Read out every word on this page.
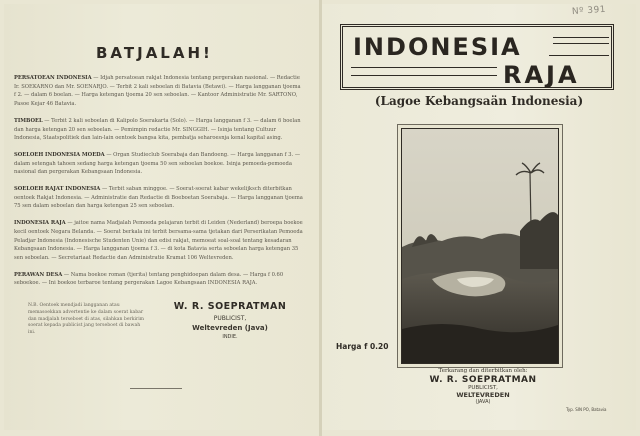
Nº 391
BATJALAH!
PERSATOEAN INDONESIA — Idjah persatoean rakjat Indonesia tentang pergerakan nasional. — Redactie Ir. SOEKARNO dan Mr. SOENARJO. — Terbit 2 kali seboelan di Batavia (Betawi). — Harga langganan tjoema f 2. — dalam 6 boelan. — Harga ketengan tjoema 20 sen seboelan. — Kantoor Administratie Mr. SARTONO, Pasoe Kejar 46 Batavia.
TIMBOEL — Terbit 2 kali seboelan di Kalipolo Soerakarta (Solo). — Harga langganan f 3. — dalam 6 boelan dan harga ketengan 20 sen seboelan. — Pemimpin redactie Mr. SINGGIH. — Isinja tentang Cultuur Indonesia, Staatspolitiek dan lain-lain oentoek bangsa kita, pembatja seharoesnja kenal kapital asing.
SOELOEH INDONESIA MOEDA — Organ Studieclub Soerabaja dan Bandoeng. — Harga langganan f 3. — dalam setengah tahoen sedang harga ketengan tjoema 50 sen seboelan boekoe. Isinja pemoeda-pemoeda nasional dan pergerakan Kebangsaan Indonesia.
SOELOEH RAJAT INDONESIA — Terbit saban minggoe. — Soerat-soerat kabar wekelijksch diterbitkan oentoek Rakjat Indonesia. — Administratie dan Redactie di Boeboetan Soerabaja. — Harga langganan tjoema 75 sen dalam seboelan dan harga ketengan 25 sen seboelan.
INDONESIA RAJA — jaitoe nama Madjalah Pemoeda pelajaran terbit di Leiden (Nederland) beroepa boekoe kecil oentoek Negara Belanda. — Soerat berkala ini terbit bersama-sama tjetakan dari Perserikatan Pemoeda Peladjar Indonesia (Indonesische Studenten Unie) dan edisi rakjat, memoeat soal-soal tentang kesadaran Kebangsaan Indonesia. — Harga langganan tjoema f 3. — di kota Batavia serta seboelan harga ketengan 35 sen seboelan. — Secretariaat Redactie dan Administratie Kramat 106 Weltevreden.
PERAWAN DESA — Nama boekoe roman (tjerita) tentang penghidoepan dalam desa. — Harga f 0.60 seboekoe. — Ini boekoe terbaroe tentang pergerakan Lagoe Kebangsaan INDONESIA RAJA.
N.B. Oentoek mendjadi langganan atau memasoekkan advertentie ke dalam soerat kabar dan madjalah terseboet di atas, silahkan berkirim soerat kepada publicist jang terseboet di bawah ini.
W. R. SOEPRATMAN
PUBLICIST,
Weltevreden (Java)
INDIE.
INDONESIA
RAJA
(Lagoe Kebangsaän Indonesia)
Harga f 0.20
Terkarang dan diterbitkan oleh:
W. R. SOEPRATMAN
PUBLICIST,
WELTEVREDEN
(JAVA)
Typ. SIN PO, Batavia
